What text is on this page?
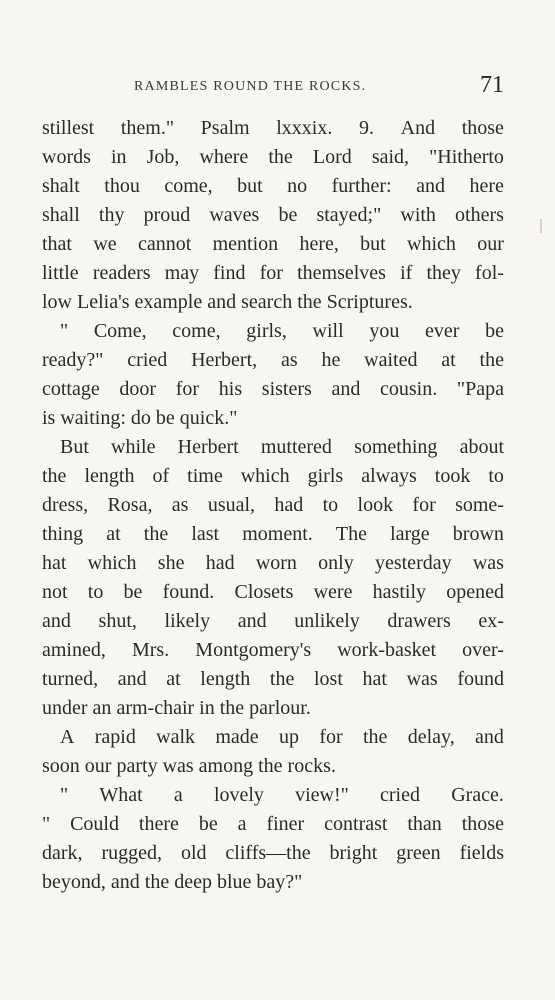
RAMBLES ROUND THE ROCKS.	71
stillest them." Psalm lxxxix. 9. And those
words in Job, where the Lord said, "Hitherto
shalt thou come, but no further: and here
shall thy proud waves be stayed;" with others
that we cannot mention here, but which our
little readers may find for themselves if they fol-
low Lelia's example and search the Scriptures.
" Come, come, girls, will you ever be
ready?" cried Herbert, as he waited at the
cottage door for his sisters and cousin. "Papa
is waiting: do be quick."
But while Herbert muttered something about
the length of time which girls always took to
dress, Rosa, as usual, had to look for some-
thing at the last moment. The large brown
hat which she had worn only yesterday was
not to be found. Closets were hastily opened
and shut, likely and unlikely drawers ex-
amined, Mrs. Montgomery's work-basket over-
turned, and at length the lost hat was found
under an arm-chair in the parlour.
A rapid walk made up for the delay, and
soon our party was among the rocks.
" What a lovely view!" cried Grace.
" Could there be a finer contrast than those
dark, rugged, old cliffs—the bright green fields
beyond, and the deep blue bay?"
